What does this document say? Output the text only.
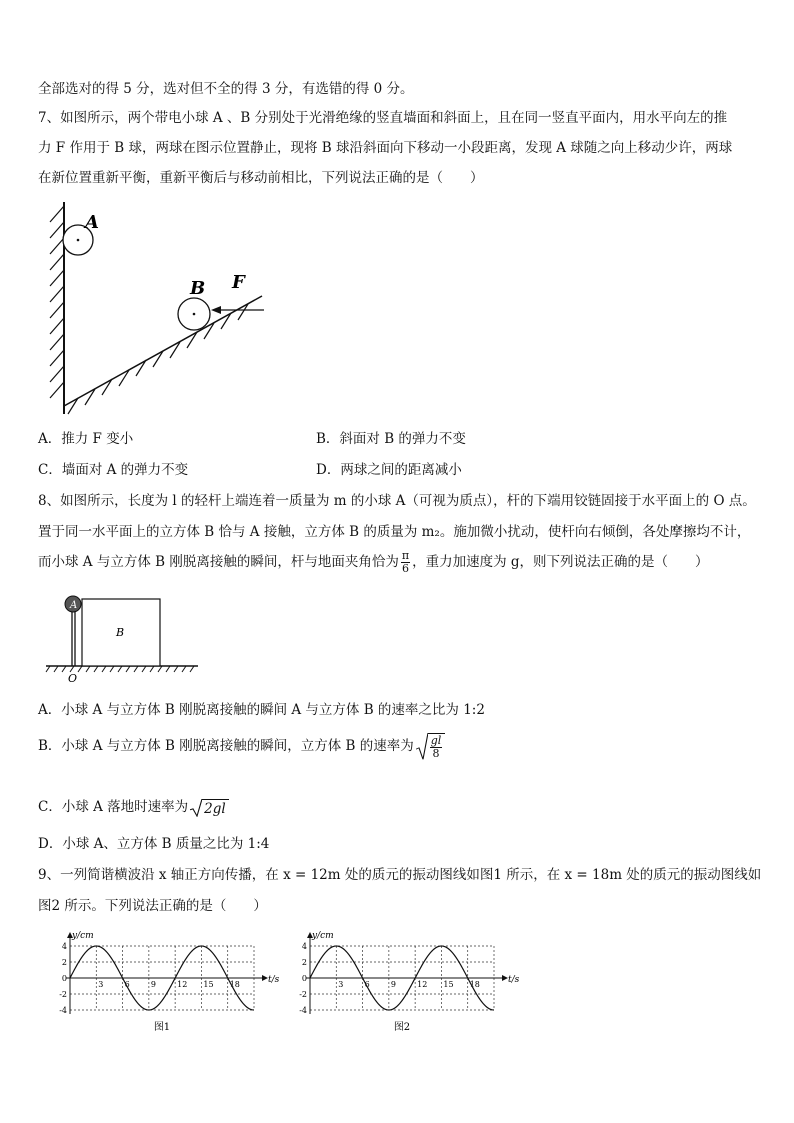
全部选对的得 5 分，选对但不全的得 3 分，有选错的得 0 分。
7、如图所示，两个带电小球 A 、B 分别处于光滑绝缘的竖直墙面和斜面上，且在同一竖直平面内，用水平向左的推
力 F 作用于 B 球，两球在图示位置静止，现将 B 球沿斜面向下移动一小段距离，发现 A 球随之向上移动少许，两球
在新位置重新平衡，重新平衡后与移动前相比，下列说法正确的是（　　）
A
B F
A．推力 F 变小	B．斜面对 B 的弹力不变
C．墙面对 A 的弹力不变	D．两球之间的距离减小
8、如图所示，长度为 l 的轻杆上端连着一质量为 m 的小球 A（可视为质点），杆的下端用铰链固接于水平面上的 O 点。
置于同一水平面上的立方体 B 恰与 A 接触，立方体 B 的质量为 m₂。施加微小扰动，使杆向右倾倒，各处摩擦均不计，
而小球 A 与立方体 B 刚脱离接触的瞬间，杆与地面夹角恰为 $\frac{\pi}{6}$ ，重力加速度为 g，则下列说法正确的是（　　）
B
A
O
A．小球 A 与立方体 B 刚脱离接触的瞬间 A 与立方体 B 的速率之比为 1:2
B．小球 A 与立方体 B 刚脱离接触的瞬间，立方体 B 的速率为 $\frac{gl}{8}$
C．小球 A 落地时速率为 2gl
D．小球 A、立方体 B 质量之比为 1:4
9、一列简谐横波沿 x 轴正方向传播，在 x = 12m 处的质元的振动图线如图1 所示，在 x = 18m 处的质元的振动图线如
图2 所示。下列说法正确的是（　　）
y/cm
t/s
4
2
0
-2
-4
3	6	9	12 15 18
图1
y/cm
t/s
4
2
0
-2
-4
3	6	9	12 15 18
图2
